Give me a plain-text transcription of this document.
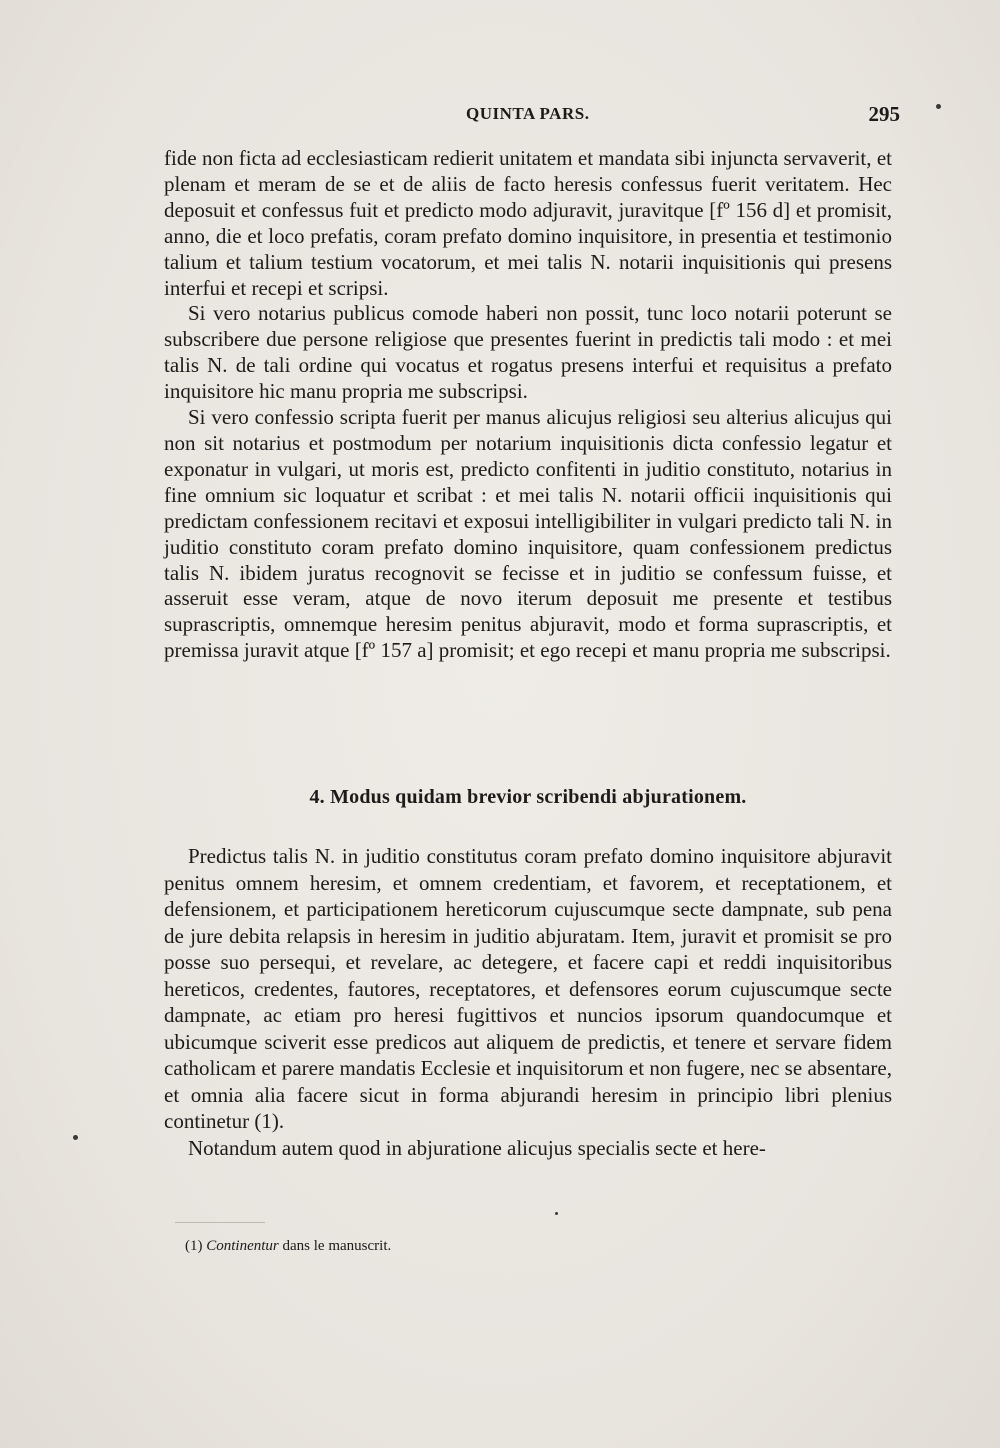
QUINTA PARS.	295

fide non ficta ad ecclesiasticam redierit unitatem et mandata sibi injuncta servaverit, et plenam et meram de se et de aliis de facto heresis confessus fuerit veritatem. Hec deposuit et confessus fuit et predicto modo adjuravit, juravitque [fº 156 d] et promisit, anno, die et loco prefatis, coram prefato domino inquisitore, in presentia et testimonio talium et talium testium vocatorum, et mei talis N. notarii inquisitionis qui presens interfui et recepi et scripsi.

Si vero notarius publicus comode haberi non possit, tunc loco notarii poterunt se subscribere due persone religiose que presentes fuerint in predictis tali modo : et mei talis N. de tali ordine qui vocatus et rogatus presens interfui et requisitus a prefato inquisitore hic manu propria me subscripsi.

Si vero confessio scripta fuerit per manus alicujus religiosi seu alterius alicujus qui non sit notarius et postmodum per notarium inquisitionis dicta confessio legatur et exponatur in vulgari, ut moris est, predicto confitenti in juditio constituto, notarius in fine omnium sic loquatur et scribat : et mei talis N. notarii officii inquisitionis qui predictam confessionem recitavi et exposui intelligibiliter in vulgari predicto tali N. in juditio constituto coram prefato domino inquisitore, quam confessionem predictus talis N. ibidem juratus recognovit se fecisse et in juditio se confessum fuisse, et asseruit esse veram, atque de novo iterum deposuit me presente et testibus suprascriptis, omnemque heresim penitus abjuravit, modo et forma suprascriptis, et premissa juravit atque [fº 157 a] promisit; et ego recepi et manu propria me subscripsi.

4. Modus quidam brevior scribendi abjurationem.

Predictus talis N. in juditio constitutus coram prefato domino inquisitore abjuravit penitus omnem heresim, et omnem credentiam, et favorem, et receptationem, et defensionem, et participationem hereticorum cujuscumque secte dampnate, sub pena de jure debita relapsis in heresim in juditio abjuratam. Item, juravit et promisit se pro posse suo persequi, et revelare, ac detegere, et facere capi et reddi inquisitoribus hereticos, credentes, fautores, receptatores, et defensores eorum cujuscumque secte dampnate, ac etiam pro heresi fugittivos et nuncios ipsorum quandocumque et ubicumque sciverit esse predicos aut aliquem de predictis, et tenere et servare fidem catholicam et parere mandatis Ecclesie et inquisitorum et non fugere, nec se absentare, et omnia alia facere sicut in forma abjurandi heresim in principio libri plenius continetur (1).

Notandum autem quod in abjuratione alicujus specialis secte et here-

(1) Continentur dans le manuscrit.
